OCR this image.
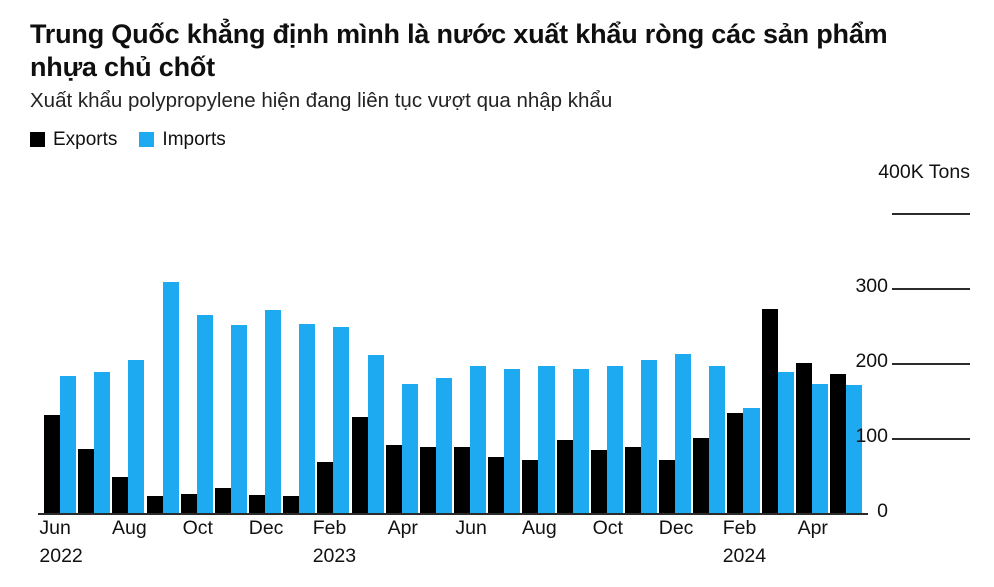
Trung Quốc khẳng định mình là nước xuất khẩu ròng các sản phẩm nhựa chủ chốt

Xuất khẩu polypropylene hiện đang liên tục vượt qua nhập khẩu

Exports Imports
400K Tons
0
100
200
300
Jun
2022
Aug Oct Dec Feb
2023
Apr Jun Aug Oct Dec Feb
2024
Apr
